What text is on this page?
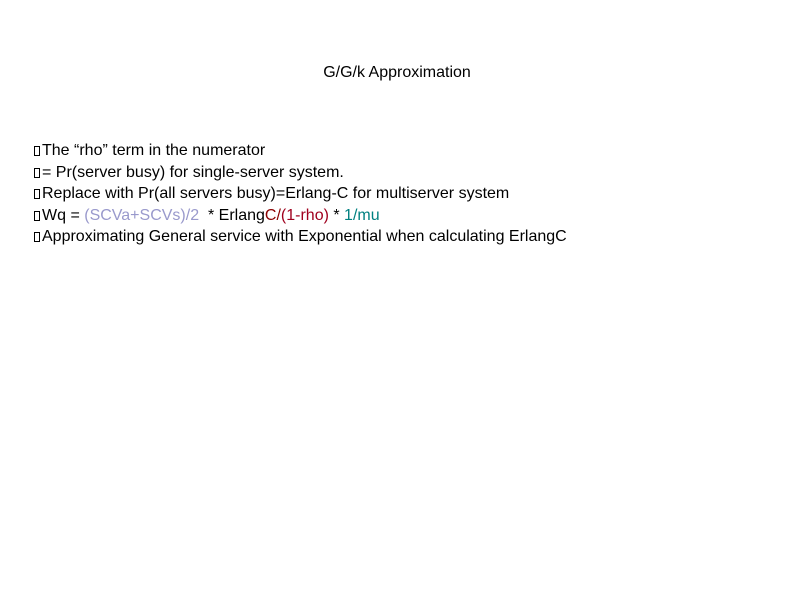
G/G/k Approximation
The “rho” term in the numerator
= Pr(server busy) for single-server system.
Replace with Pr(all servers busy)=Erlang-C for multiserver system
Wq = (SCVa+SCVs)/2  * ErlangC/(1-rho) * 1/mu
Approximating General service with Exponential when calculating ErlangC
